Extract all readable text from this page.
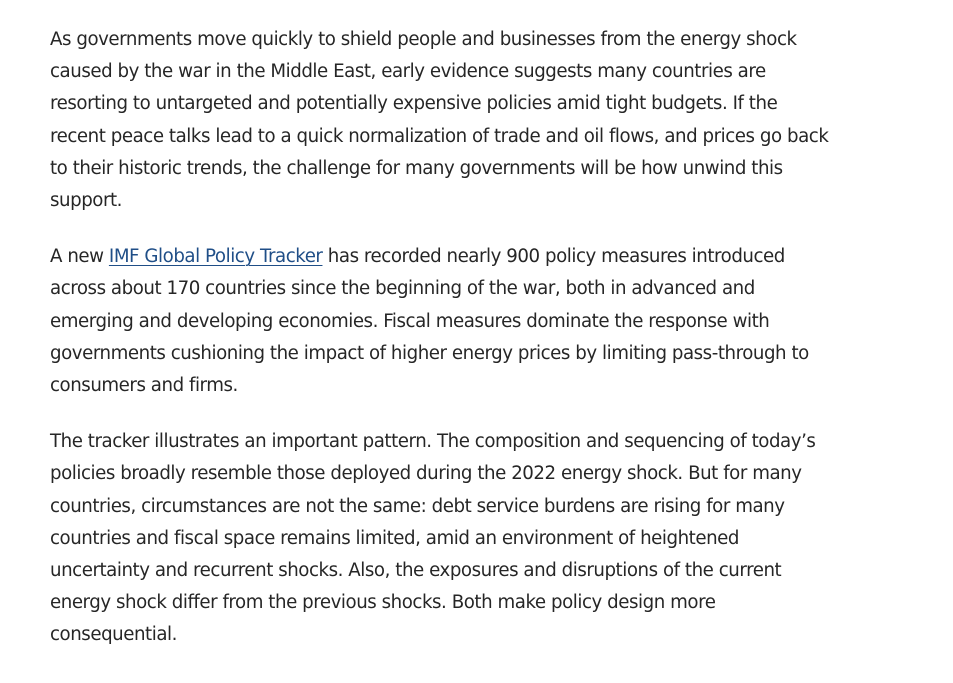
As governments move quickly to shield people and businesses from the energy shock
caused by the war in the Middle East, early evidence suggests many countries are
resorting to untargeted and potentially expensive policies amid tight budgets. If the
recent peace talks lead to a quick normalization of trade and oil flows, and prices go back
to their historic trends, the challenge for many governments will be how unwind this
support.

A new IMF Global Policy Tracker has recorded nearly 900 policy measures introduced
across about 170 countries since the beginning of the war, both in advanced and
emerging and developing economies. Fiscal measures dominate the response with
governments cushioning the impact of higher energy prices by limiting pass-through to
consumers and firms.

The tracker illustrates an important pattern. The composition and sequencing of today’s
policies broadly resemble those deployed during the 2022 energy shock. But for many
countries, circumstances are not the same: debt service burdens are rising for many
countries and fiscal space remains limited, amid an environment of heightened
uncertainty and recurrent shocks. Also, the exposures and disruptions of the current
energy shock differ from the previous shocks. Both make policy design more
consequential.
